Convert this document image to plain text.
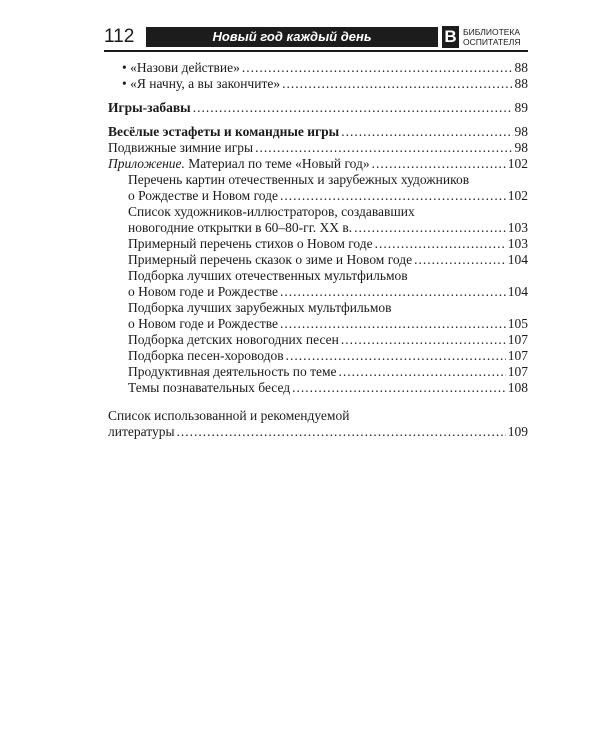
112	Новый год каждый день	B БИБЛИОТЕКА
ОСПИТАТЕЛЯ
•
«Назови действие» .....	88
•
«Я начну, а вы закончите» .....	88
Игры-забавы .....	89
Весёлые эстафеты и командные игры .....	98
Подвижные зимние игры .....	98
Приложение.
Материал по теме «Новый год» .....	102
Перечень картин отечественных и зарубежных художников
о Рождестве и Новом годе .....	102
Список художников-иллюстраторов, создававших
новогодние открытки в 60–80-гг. XX в. .....	103
Примерный перечень стихов о Новом годе .....	103
Примерный перечень сказок о зиме и Новом годе .....	104
Подборка лучших отечественных мультфильмов
о Новом годе и Рождестве .....	104
Подборка лучших зарубежных мультфильмов
о Новом годе и Рождестве .....	105
Подборка детских новогодних песен .....	107
Подборка песен-хороводов .....	107
Продуктивная деятельность по теме .....	107
Темы познавательных бесед .....	108
Список использованной и рекомендуемой
литературы .....	109
